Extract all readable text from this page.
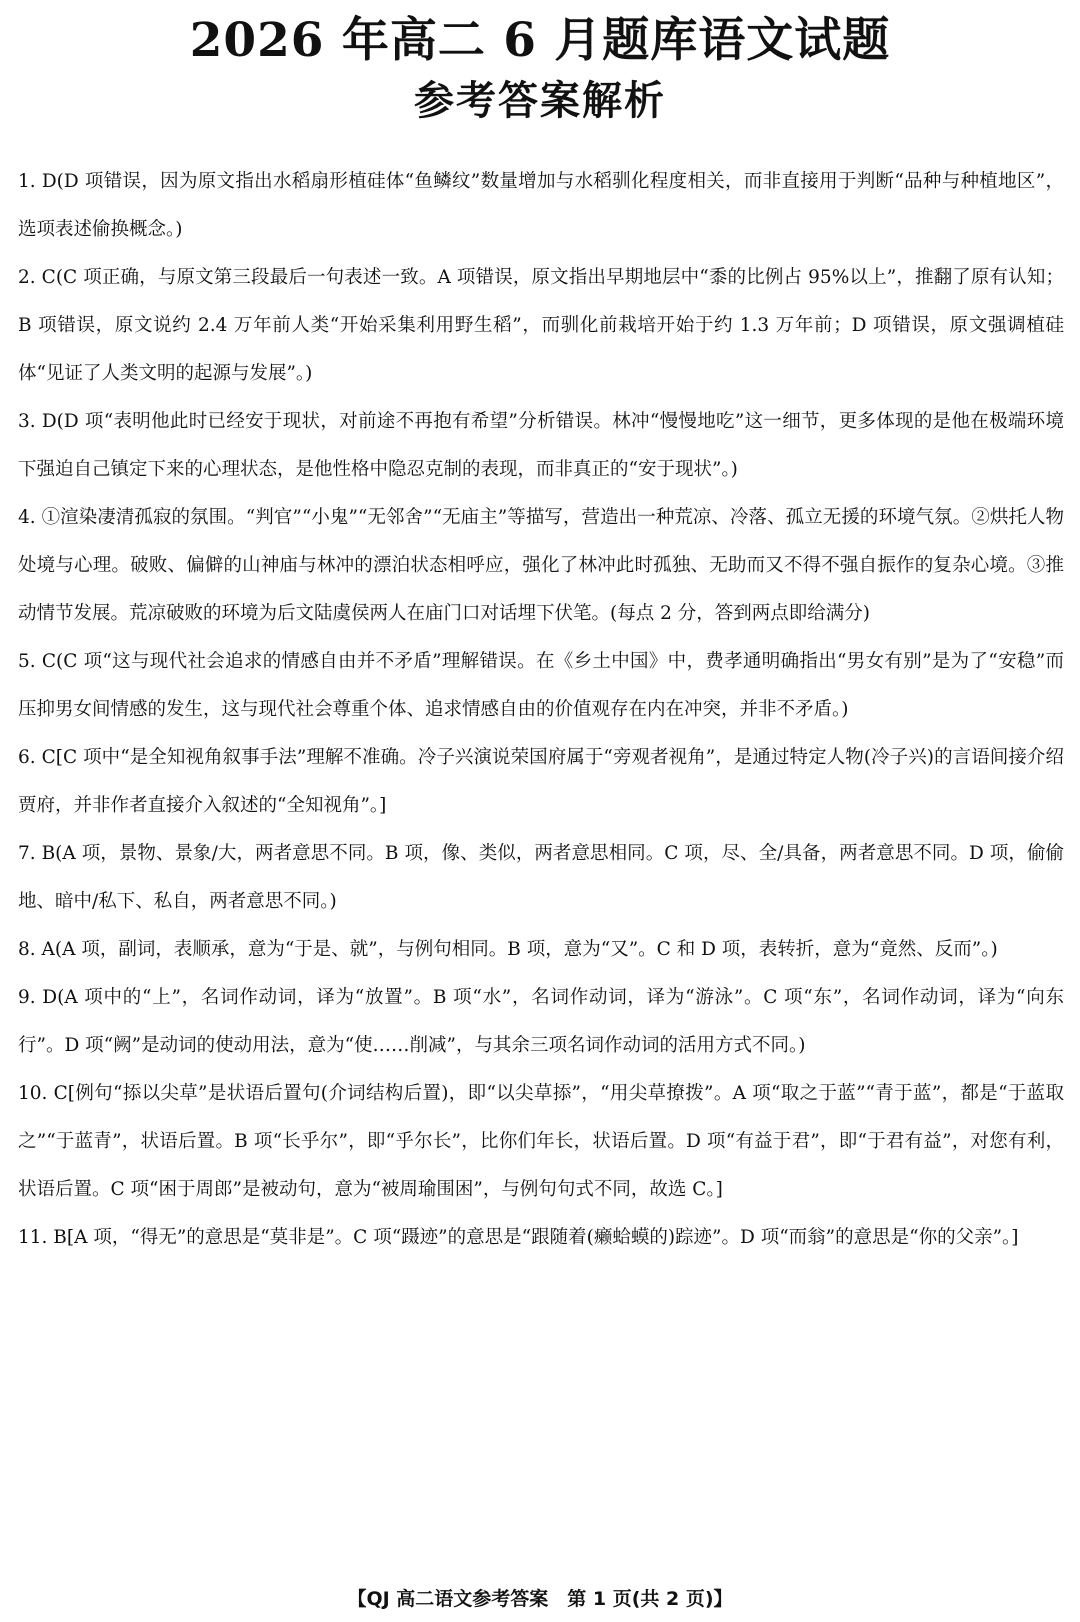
2026 年高二 6 月题库语文试题
参考答案解析
1. D(D 项错误，因为原文指出水稻扇形植硅体“鱼鳞纹”数量增加与水稻驯化程度相关，而非直接用于判断“品种与种植地区”，选项表述偷换概念。)
2. C(C 项正确，与原文第三段最后一句表述一致。A 项错误，原文指出早期地层中“黍的比例占 95%以上”，推翻了原有认知；B 项错误，原文说约 2.4 万年前人类“开始采集利用野生稻”，而驯化前栽培开始于约 1.3 万年前；D 项错误，原文强调植硅体“见证了人类文明的起源与发展”。)
3. D(D 项“表明他此时已经安于现状，对前途不再抱有希望”分析错误。林冲“慢慢地吃”这一细节，更多体现的是他在极端环境下强迫自己镇定下来的心理状态，是他性格中隐忍克制的表现，而非真正的“安于现状”。)
4. ①渲染凄清孤寂的氛围。“判官”“小鬼”“无邻舍”“无庙主”等描写，营造出一种荒凉、冷落、孤立无援的环境气氛。②烘托人物处境与心理。破败、偏僻的山神庙与林冲的漂泊状态相呼应，强化了林冲此时孤独、无助而又不得不强自振作的复杂心境。③推动情节发展。荒凉破败的环境为后文陆虞侯两人在庙门口对话埋下伏笔。(每点 2 分，答到两点即给满分)
5. C(C 项“这与现代社会追求的情感自由并不矛盾”理解错误。在《乡土中国》中，费孝通明确指出“男女有别”是为了“安稳”而压抑男女间情感的发生，这与现代社会尊重个体、追求情感自由的价值观存在内在冲突，并非不矛盾。)
6. C[C 项中“是全知视角叙事手法”理解不准确。冷子兴演说荣国府属于“旁观者视角”，是通过特定人物(冷子兴)的言语间接介绍贾府，并非作者直接介入叙述的“全知视角”。]
7. B(A 项，景物、景象/大，两者意思不同。B 项，像、类似，两者意思相同。C 项，尽、全/具备，两者意思不同。D 项，偷偷地、暗中/私下、私自，两者意思不同。)
8. A(A 项，副词，表顺承，意为“于是、就”，与例句相同。B 项，意为“又”。C 和 D 项，表转折，意为“竟然、反而”。)
9. D(A 项中的“上”，名词作动词，译为“放置”。B 项“水”，名词作动词，译为“游泳”。C 项“东”，名词作动词，译为“向东行”。D 项“阙”是动词的使动用法，意为“使……削减”，与其余三项名词作动词的活用方式不同。)
10. C[例句“掭以尖草”是状语后置句(介词结构后置)，即“以尖草掭”，“用尖草撩拨”。A 项“取之于蓝”“青于蓝”，都是“于蓝取之”“于蓝青”，状语后置。B 项“长乎尔”，即“乎尔长”，比你们年长，状语后置。D 项“有益于君”，即“于君有益”，对您有利，状语后置。C 项“困于周郎”是被动句，意为“被周瑜围困”，与例句句式不同，故选 C。]
11. B[A 项，“得无”的意思是“莫非是”。C 项“蹑迹”的意思是“跟随着(癞蛤蟆的)踪迹”。D 项“而翁”的意思是“你的父亲”。]
【QJ 高二语文参考答案　第 1 页(共 2 页)】
